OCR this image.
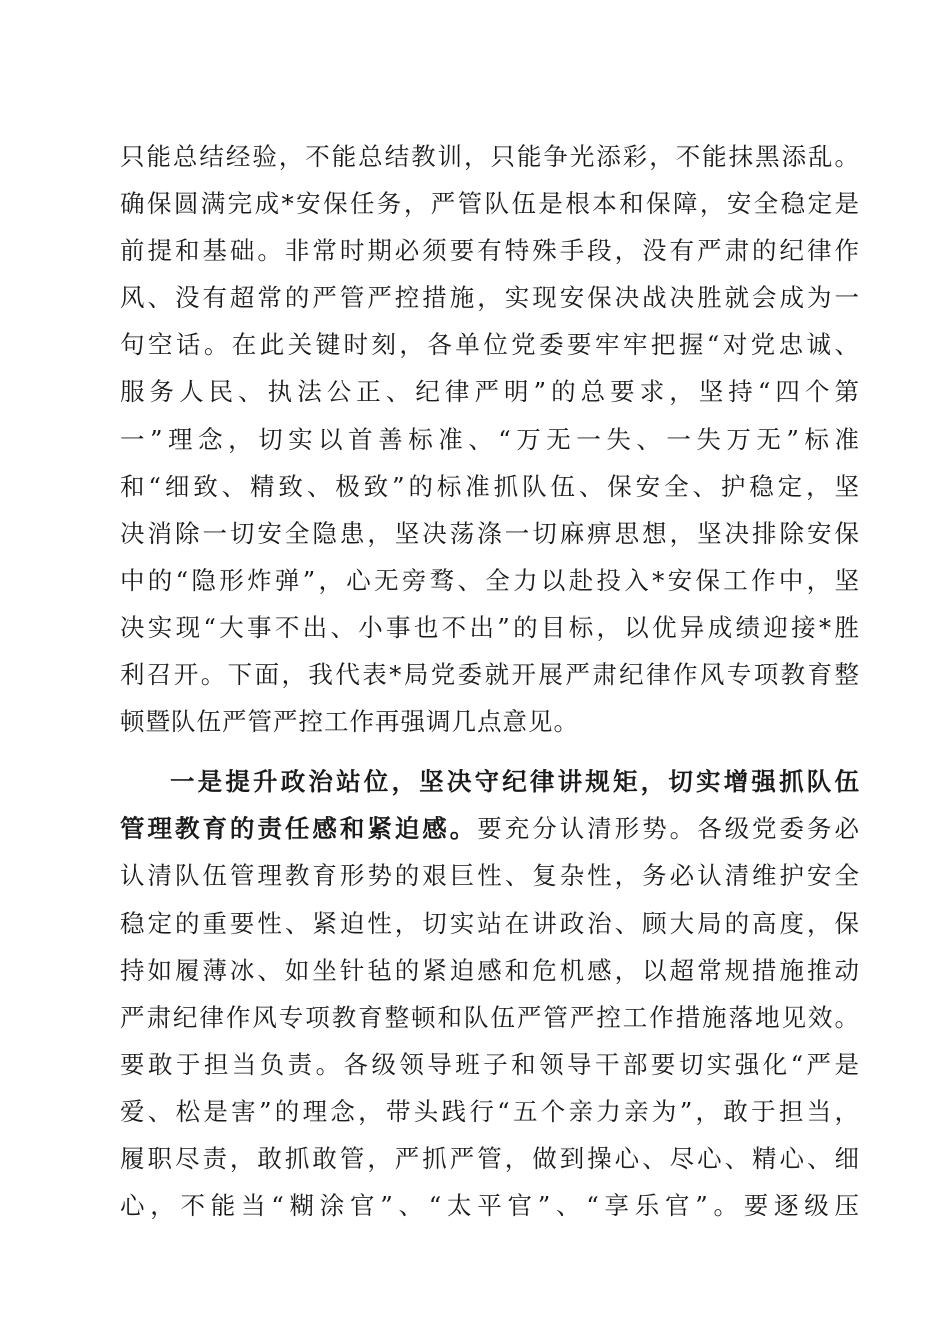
只能总结经验，不能总结教训，只能争光添彩，不能抹黑添乱。
确保圆满完成*安保任务，严管队伍是根本和保障，安全稳定是
前提和基础。非常时期必须要有特殊手段，没有严肃的纪律作
风、没有超常的严管严控措施，实现安保决战决胜就会成为一
句空话。在此关键时刻，各单位党委要牢牢把握“对党忠诚、
服务人民、执法公正、纪律严明”的总要求，坚持“四个第
一”理念，切实以首善标准、“万无一失、一失万无”标准
和“细致、精致、极致”的标准抓队伍、保安全、护稳定，坚
决消除一切安全隐患，坚决荡涤一切麻痹思想，坚决排除安保
中的“隐形炸弹”，心无旁骛、全力以赴投入*安保工作中，坚
决实现“大事不出、小事也不出”的目标，以优异成绩迎接*胜
利召开。下面，我代表*局党委就开展严肃纪律作风专项教育整
顿暨队伍严管严控工作再强调几点意见。
一是提升政治站位，坚决守纪律讲规矩，切实增强抓队伍
管理教育的责任感和紧迫感。要充分认清形势。各级党委务必
认清队伍管理教育形势的艰巨性、复杂性，务必认清维护安全
稳定的重要性、紧迫性，切实站在讲政治、顾大局的高度，保
持如履薄冰、如坐针毡的紧迫感和危机感，以超常规措施推动
严肃纪律作风专项教育整顿和队伍严管严控工作措施落地见效。
要敢于担当负责。各级领导班子和领导干部要切实强化“严是
爱、松是害”的理念，带头践行“五个亲力亲为”，敢于担当，
履职尽责，敢抓敢管，严抓严管，做到操心、尽心、精心、细
心，不能当“糊涂官”、“太平官”、“享乐官”。要逐级压
